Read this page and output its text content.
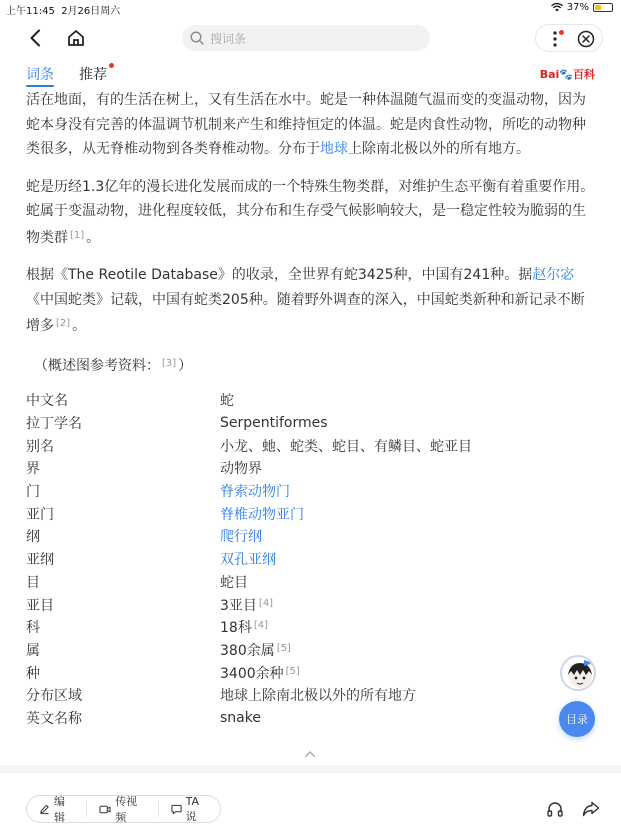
上午11:45 2月26日周六	37%
搜词条
词条 推荐	Bai🐾百科

活在地面，有的生活在树上，又有生活在水中。蛇是一种体温随气温而变的变温动物，因为蛇本身没有完善的体温调节机制来产生和维持恒定的体温。蛇是肉食性动物，所吃的动物种类很多，从无脊椎动物到各类脊椎动物。分布于地球上除南北极以外的所有地方。

蛇是历经1.3亿年的漫长进化发展而成的一个特殊生物类群，对维护生态平衡有着重要作用。蛇属于变温动物，进化程度较低，其分布和生存受气候影响较大，是一稳定性较为脆弱的生物类群 [1] 。

根据《The Reotile Database》的收录，全世界有蛇3425种，中国有241种。据赵尔宓《中国蛇类》记载，中国有蛇类205种。随着野外调查的深入，中国蛇类新种和新记录不断增多 [2] 。

（概述图参考资料： [3] ）

中文名	蛇
拉丁学名	Serpentiformes
别名	小龙、虵、蛇类、蛇目、有鳞目、蛇亚目
界	动物界
门	脊索动物门
亚门	脊椎动物亚门
纲	爬行纲
亚纲	双孔亚纲
目	蛇目
亚目	3亚目 [4]
科	18科 [4]
属	380余属 [5]
种	3400余种 [5]
分布区域	地球上除南北极以外的所有地方
英文名称	snake	目录
编辑
传视频
TA说
